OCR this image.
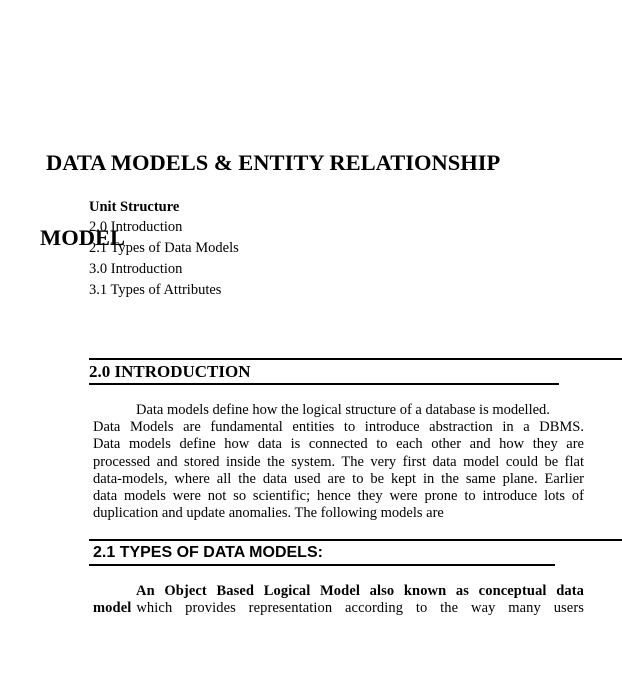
DATA MODELS & ENTITY RELATIONSHIP

MODEL

Unit Structure
2.0 Introduction
2.1 Types of Data Models
3.0 Introduction
3.1 Types of Attributes
2.0 INTRODUCTION
Data models define how the logical structure of a database is modelled.
Data Models are fundamental entities to introduce abstraction in a DBMS.
Data models define how data is connected to each other and how they are
processed and stored inside the system. The very first data model could be flat
data-models, where all the data used are to be kept in the same plane. Earlier
data models were not so scientific; hence they were prone to introduce lots of
duplication and update anomalies. The following models are
2.1 TYPES OF DATA MODELS:
An Object Based Logical Model also known as conceptual data
model which provides representation according to the way many users
